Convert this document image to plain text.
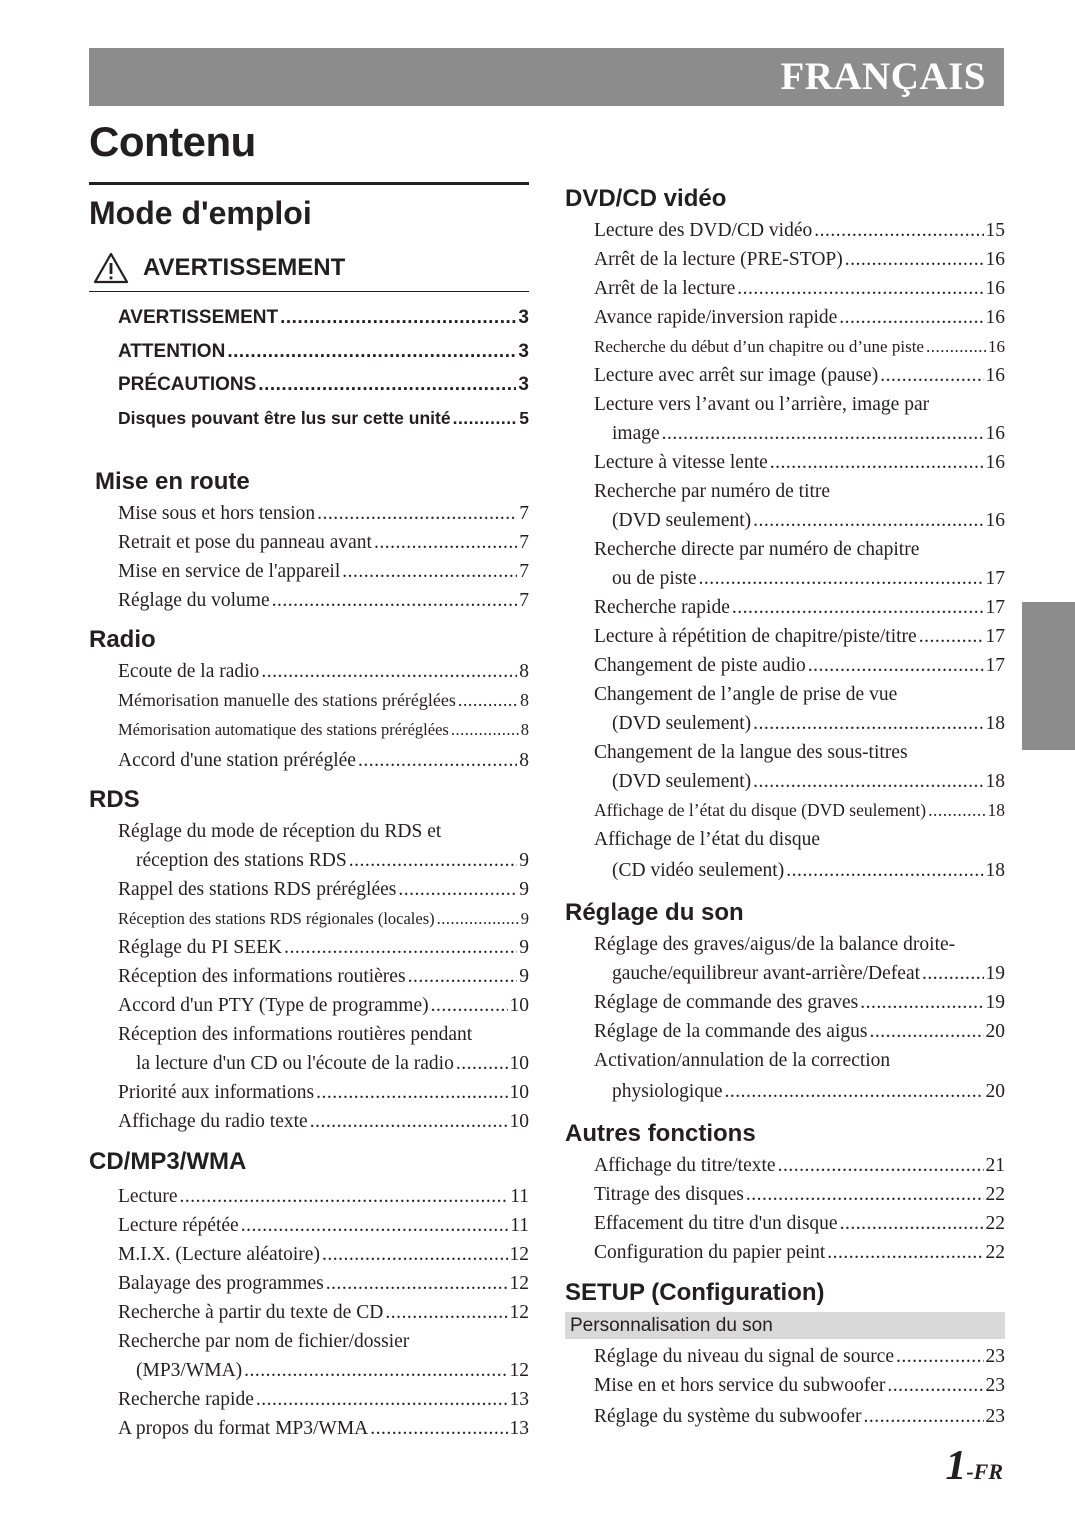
FRANÇAIS
Contenu
Mode d'emploi
AVERTISSEMENT
AVERTISSEMENT .....	3
ATTENTION .....	3
PRÉCAUTIONS .....	3
Disques pouvant être lus sur cette unité .....	5
Mise en route
Mise sous et hors tension .....	7
Retrait et pose du panneau avant .....	7
Mise en service de l'appareil .....	7
Réglage du volume .....	7
Radio
Ecoute de la radio .....	8
Mémorisation manuelle des stations préréglées .....	8
Mémorisation automatique des stations préréglées .....	8
Accord d'une station préréglée .....	8
RDS
Réglage du mode de réception du RDS et
réception des stations RDS .....	9
Rappel des stations RDS préréglées .....	9
Réception des stations RDS régionales (locales) .....	9
Réglage du PI SEEK .....	9
Réception des informations routières .....	9
Accord d'un PTY (Type de programme) .....	10
Réception des informations routières pendant
la lecture d'un CD ou l'écoute de la radio .....	10
Priorité aux informations .....	10
Affichage du radio texte .....	10
CD/MP3/WMA
Lecture .....	11
Lecture répétée .....	11
M.I.X. (Lecture aléatoire) .....	12
Balayage des programmes .....	12
Recherche à partir du texte de CD .....	12
Recherche par nom de fichier/dossier
(MP3/WMA) .....	12
Recherche rapide .....	13
A propos du format MP3/WMA .....	13
DVD/CD vidéo
Lecture des DVD/CD vidéo .....	15
Arrêt de la lecture (PRE-STOP) .....	16
Arrêt de la lecture .....	16
Avance rapide/inversion rapide .....	16
Recherche du début d’un chapitre ou d’une piste .....	16
Lecture avec arrêt sur image (pause) .....	16
Lecture vers l’avant ou l’arrière, image par
image .....	16
Lecture à vitesse lente .....	16
Recherche par numéro de titre
(DVD seulement) .....	16
Recherche directe par numéro de chapitre
ou de piste .....	17
Recherche rapide .....	17
Lecture à répétition de chapitre/piste/titre .....	17
Changement de piste audio .....	17
Changement de l’angle de prise de vue
(DVD seulement) .....	18
Changement de la langue des sous-titres
(DVD seulement) .....	18
Affichage de l’état du disque (DVD seulement) .....	18
Affichage de l’état du disque
(CD vidéo seulement) .....	18
Réglage du son
Réglage des graves/aigus/de la balance droite-
gauche/equilibreur avant-arrière/Defeat .....	19
Réglage de commande des graves .....	19
Réglage de la commande des aigus .....	20
Activation/annulation de la correction
physiologique .....	20
Autres fonctions
Affichage du titre/texte .....	21
Titrage des disques .....	22
Effacement du titre d'un disque .....	22
Configuration du papier peint .....	22
SETUP (Configuration)
Personnalisation du son
Réglage du niveau du signal de source .....	23
Mise en et hors service du subwoofer .....	23
Réglage du système du subwoofer .....	23
1-FR
